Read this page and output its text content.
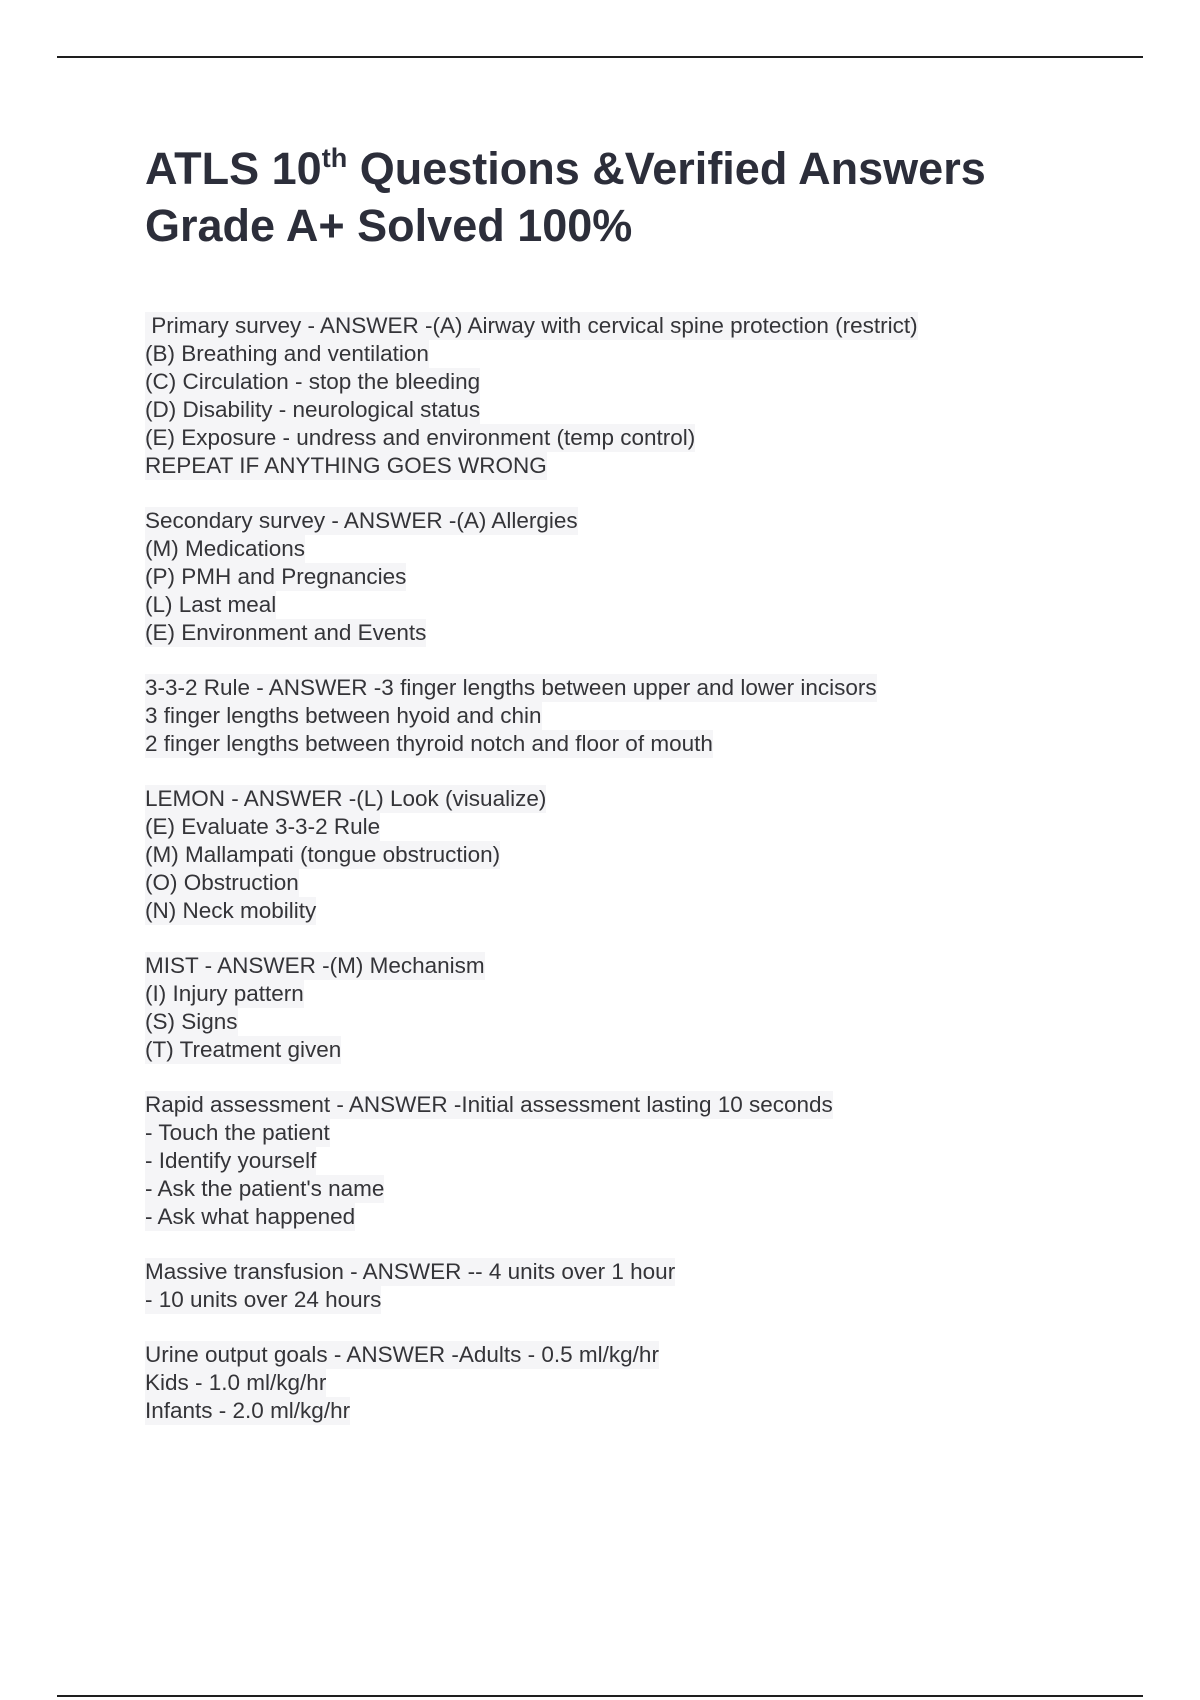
ATLS 10th Questions &Verified Answers Grade A+ Solved 100%
Primary survey - ANSWER -(A) Airway with cervical spine protection (restrict)
(B) Breathing and ventilation
(C) Circulation - stop the bleeding
(D) Disability - neurological status
(E) Exposure - undress and environment (temp control)
REPEAT IF ANYTHING GOES WRONG
Secondary survey - ANSWER -(A) Allergies
(M) Medications
(P) PMH and Pregnancies
(L) Last meal
(E) Environment and Events
3-3-2 Rule - ANSWER -3 finger lengths between upper and lower incisors
3 finger lengths between hyoid and chin
2 finger lengths between thyroid notch and floor of mouth
LEMON - ANSWER -(L) Look (visualize)
(E) Evaluate 3-3-2 Rule
(M) Mallampati (tongue obstruction)
(O) Obstruction
(N) Neck mobility
MIST - ANSWER -(M) Mechanism
(I) Injury pattern
(S) Signs
(T) Treatment given
Rapid assessment - ANSWER -Initial assessment lasting 10 seconds
- Touch the patient
- Identify yourself
- Ask the patient's name
- Ask what happened
Massive transfusion - ANSWER -- 4 units over 1 hour
- 10 units over 24 hours
Urine output goals - ANSWER -Adults - 0.5 ml/kg/hr
Kids - 1.0 ml/kg/hr
Infants - 2.0 ml/kg/hr
